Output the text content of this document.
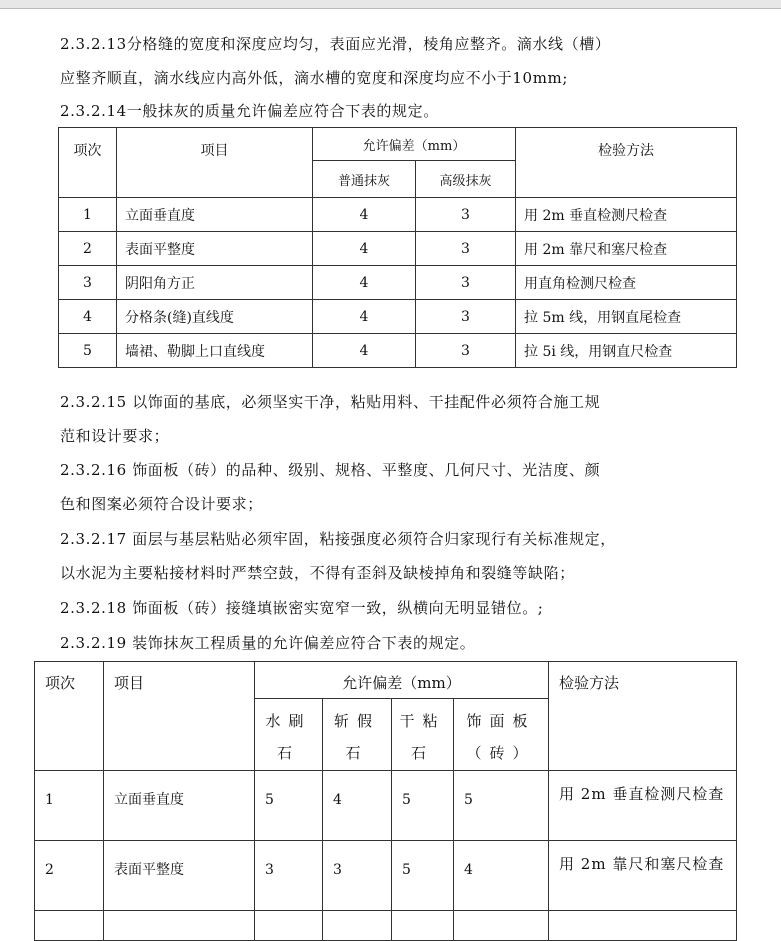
2.3.2.13分格缝的宽度和深度应均匀，表面应光滑，棱角应整齐。滴水线（槽）
应整齐顺直，滴水线应内高外低，滴水槽的宽度和深度均应不小于10mm;
2.3.2.14一般抹灰的质量允许偏差应符合下表的规定。
项次	项目	允许偏差（mm）		检验方法
		普通抹灰	高级抹灰	
1	立面垂直度	4	3	用 2m 垂直检测尺检查
2	表面平整度	4	3	用 2m 靠尺和塞尺检查
3	阴阳角方正	4	3	用直角检测尺检查
4	分格条(缝)直线度	4	3	拉 5m 线，用钢直尾检查
5	墙裙、勒脚上口直线度	4	3	拉 5i 线，用钢直尺检查
2.3.2.15 以饰面的基底，必须坚实干净，粘贴用料、干挂配件必须符合施工规
范和设计要求；
2.3.2.16 饰面板（砖）的品种、级别、规格、平整度、几何尺寸、光洁度、颜
色和图案必须符合设计要求；
2.3.2.17 面层与基层粘贴必须牢固，粘接强度必须符合归家现行有关标准规定，
以水泥为主要粘接材料时严禁空鼓，不得有歪斜及缺棱掉角和裂缝等缺陷；
2.3.2.18 饰面板（砖）接缝填嵌密实宽窄一致，纵横向无明显错位。;
2.3.2.19 装饰抹灰工程质量的允许偏差应符合下表的规定。
项次	项目	允许偏差（mm）				检验方法
		水刷石	斩假石	干粘石	饰面板（砖）	
1	立面垂直度	5	4	5	5	用 2m 垂直检测尺检查
2	表面平整度	3	3	5	4	用 2m 靠尺和塞尺检查
